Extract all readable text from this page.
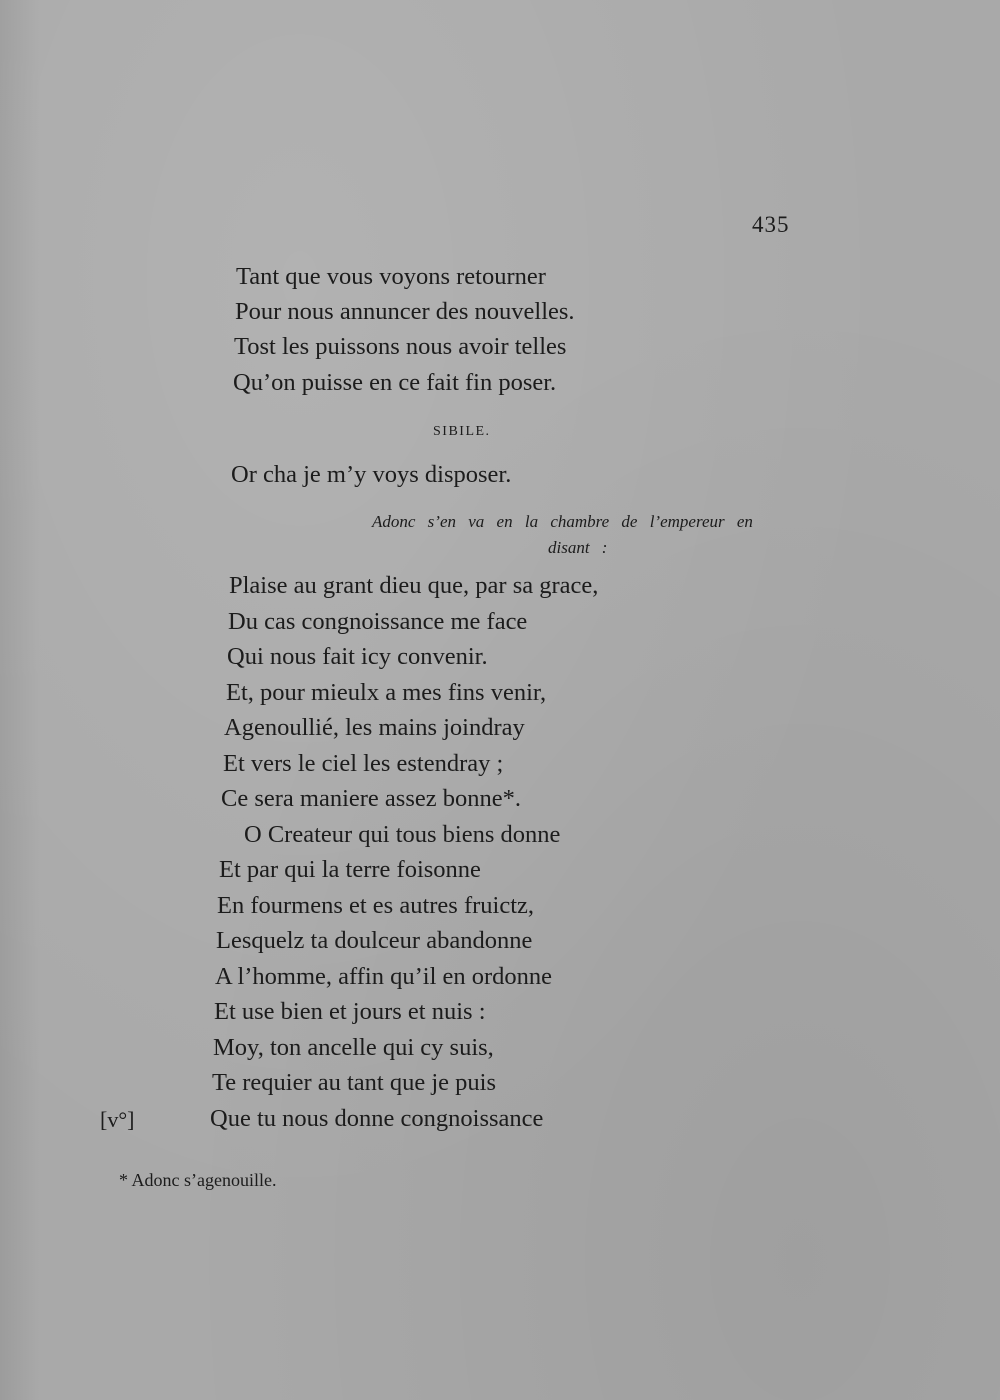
435
Tant que vous voyons retourner
Pour nous annuncer des nouvelles.
Tost les puissons nous avoir telles
Qu’on puisse en ce fait fin poser.
SIBILE.
Or cha je m’y voys disposer.
Adonc s’en va en la chambre de l’empereur en
disant :
Plaise au grant dieu que, par sa grace,
Du cas congnoissance me face
Qui nous fait icy convenir.
Et, pour mieulx a mes fins venir,
Agenoullié, les mains joindray
Et vers le ciel les estendray ;
Ce sera maniere assez bonne*.
O Createur qui tous biens donne
Et par qui la terre foisonne
En fourmens et es autres fruictz,
Lesquelz ta doulceur abandonne
A l’homme, affin qu’il en ordonne
Et use bien et jours et nuis :
Moy, ton ancelle qui cy suis,
Te requier au tant que je puis
Que tu nous donne congnoissance
[v°]
* Adonc s’agenouille.
